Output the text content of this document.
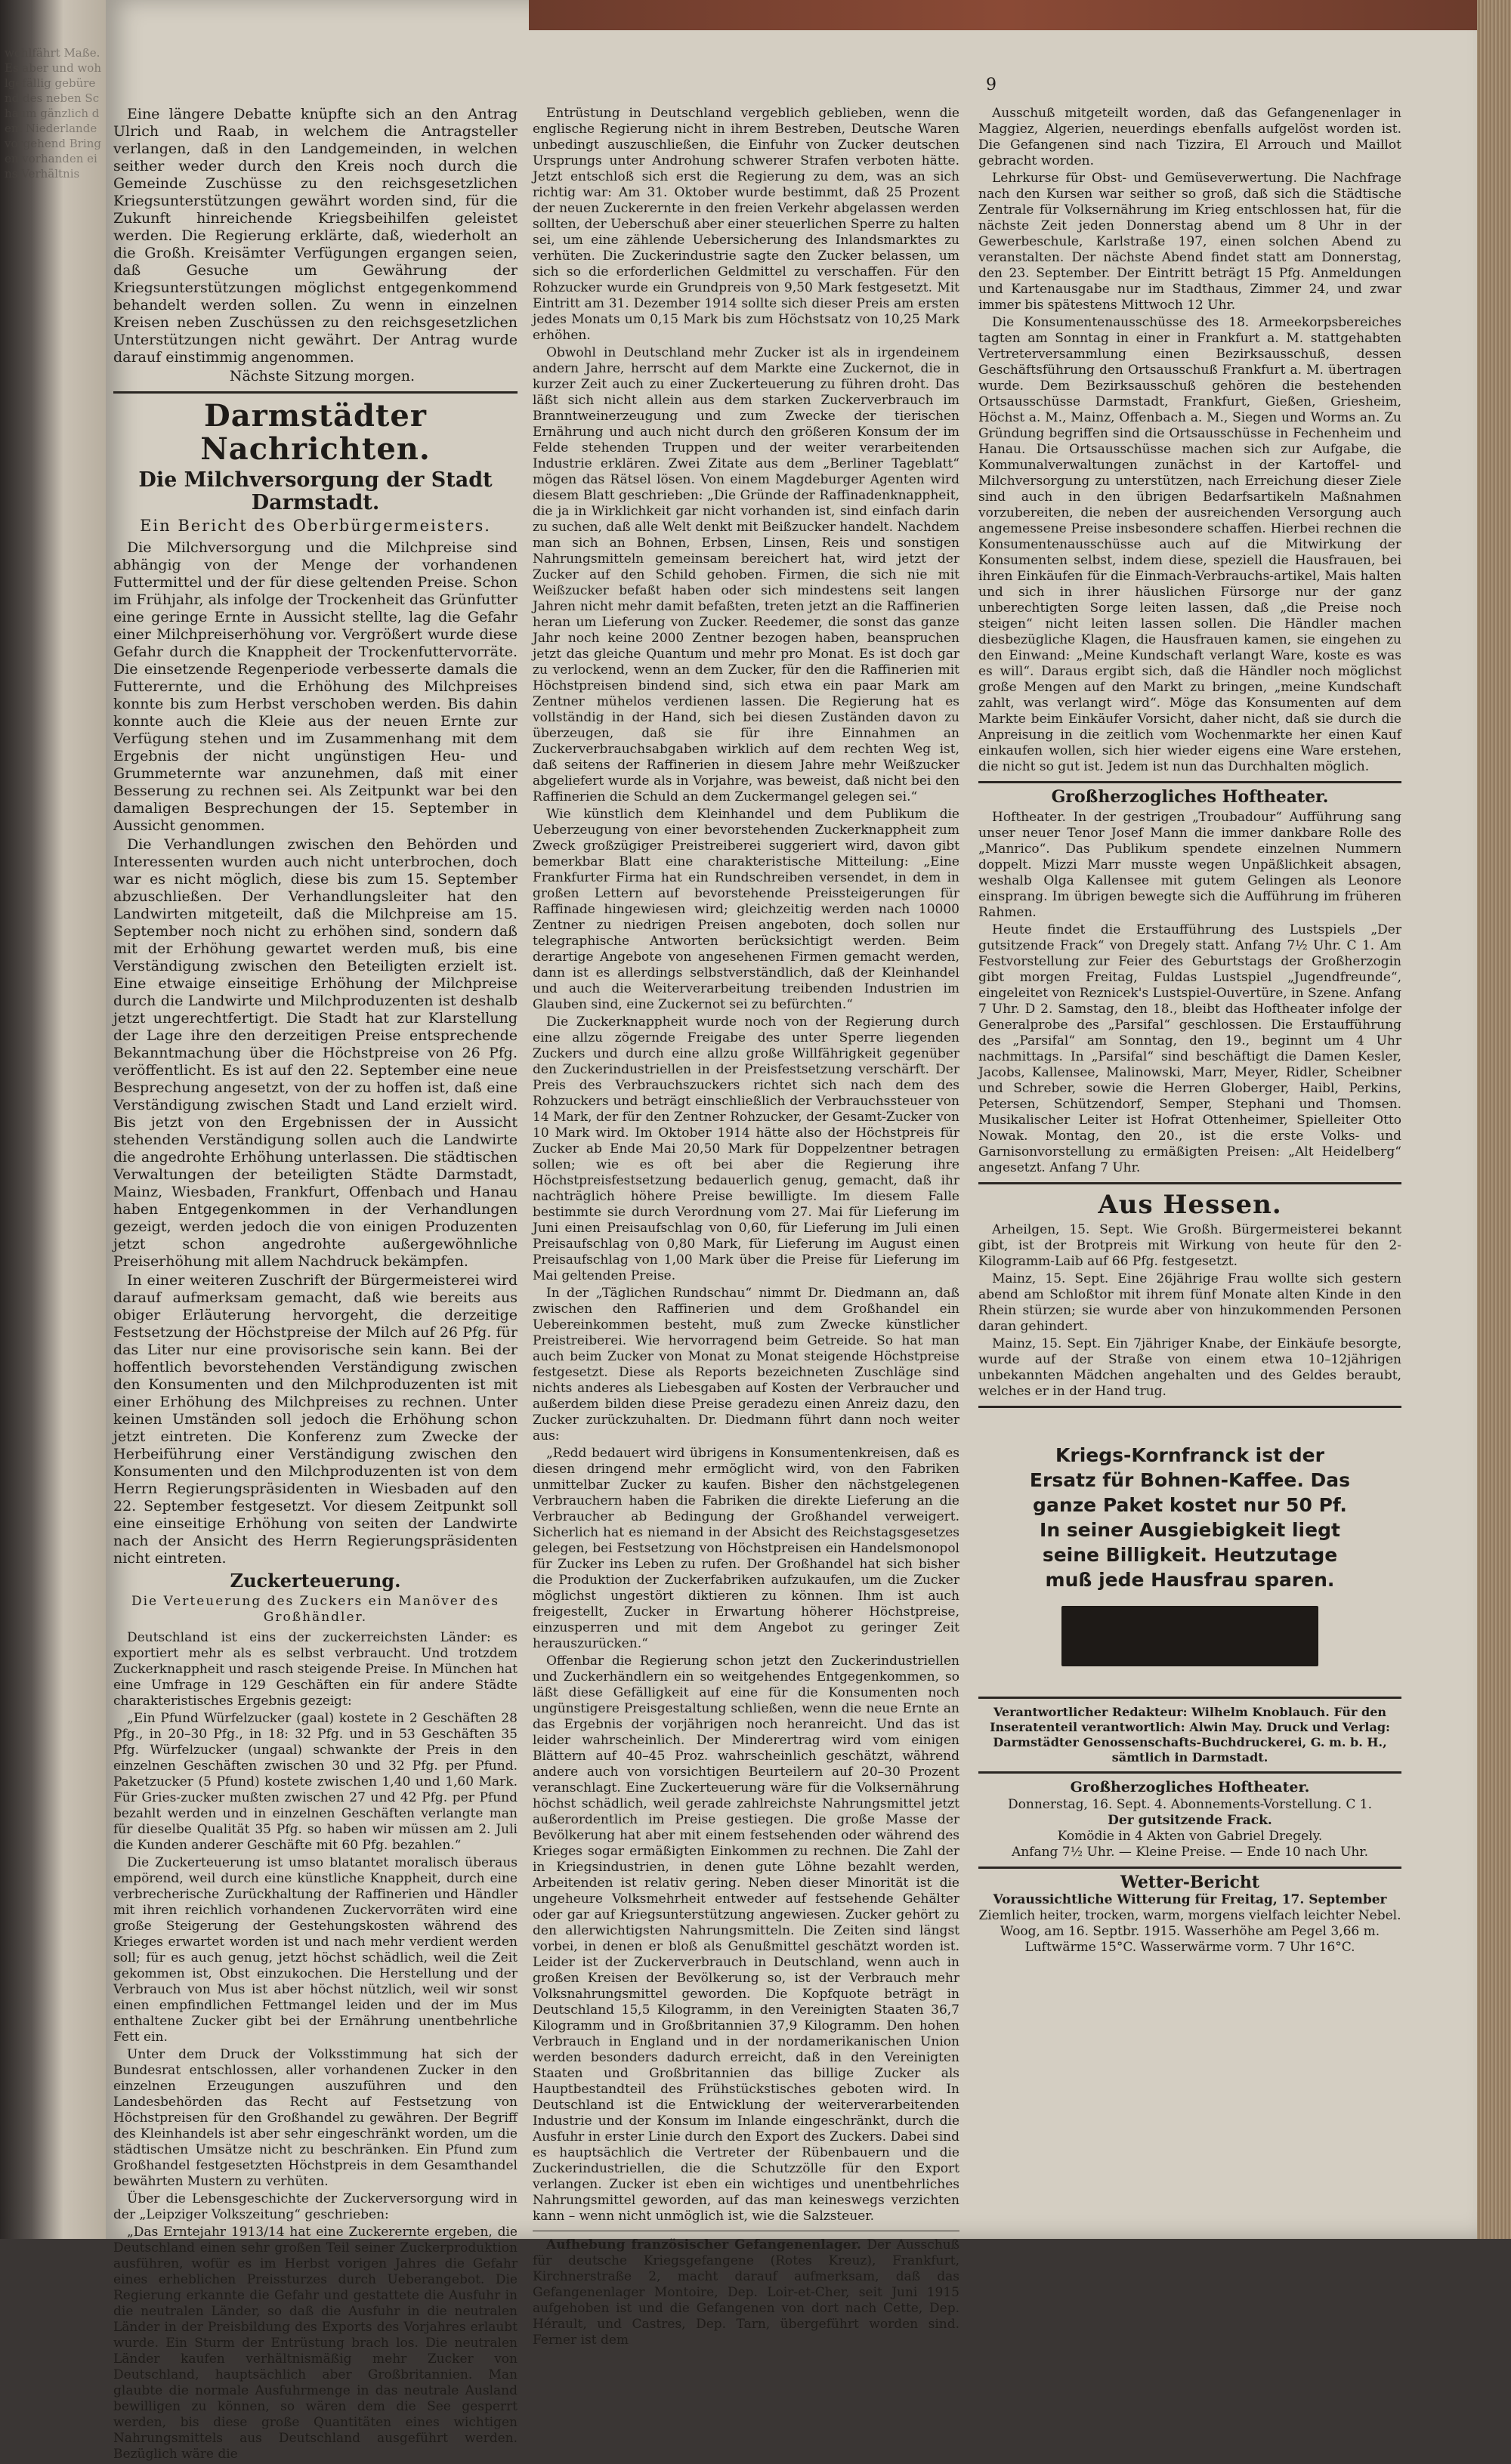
wohlfährt Maße. Es aber und wohlgefällig gebürend des neben Schaum gänzlich dem Niederlande vorgehend Bringen vorhanden eins Verhältnis
9

Eine längere Debatte knüpfte sich an den Antrag Ulrich und Raab, in welchem die Antragsteller verlangen, daß in den Landgemeinden, in welchen seither weder durch den Kreis noch durch die Gemeinde Zuschüsse zu den reichsgesetzlichen Kriegsunterstützungen gewährt worden sind, für die Zukunft hinreichende Kriegsbeihilfen geleistet werden. Die Regierung erklärte, daß, wiederholt an die Großh. Kreisämter Verfügungen ergangen seien, daß Gesuche um Gewährung der Kriegsunterstützungen möglichst entgegenkommend behandelt werden sollen. Zu wenn in einzelnen Kreisen neben Zuschüssen zu den reichsgesetzlichen Unterstützungen nicht gewährt. Der Antrag wurde darauf einstimmig angenommen.

Nächste Sitzung morgen.

Darmstädter Nachrichten.
Die Milchversorgung der Stadt Darmstadt.
Ein Bericht des Oberbürgermeisters.

Die Milchversorgung und die Milchpreise sind abhängig von der Menge der vorhandenen Futtermittel und der für diese geltenden Preise. Schon im Frühjahr, als infolge der Trockenheit das Grünfutter eine geringe Ernte in Aussicht stellte, lag die Gefahr einer Milchpreiserhöhung vor. Vergrößert wurde diese Gefahr durch die Knappheit der Trockenfuttervorräte. Die einsetzende Regenperiode verbesserte damals die Futterernte, und die Erhöhung des Milchpreises konnte bis zum Herbst verschoben werden. Bis dahin konnte auch die Kleie aus der neuen Ernte zur Verfügung stehen und im Zusammenhang mit dem Ergebnis der nicht ungünstigen Heu- und Grummeternte war anzunehmen, daß mit einer Besserung zu rechnen sei. Als Zeitpunkt war bei den damaligen Besprechungen der 15. September in Aussicht genommen.

Die Verhandlungen zwischen den Behörden und Interessenten wurden auch nicht unterbrochen, doch war es nicht möglich, diese bis zum 15. September abzuschließen. Der Verhandlungsleiter hat den Landwirten mitgeteilt, daß die Milchpreise am 15. September noch nicht zu erhöhen sind, sondern daß mit der Erhöhung gewartet werden muß, bis eine Verständigung zwischen den Beteiligten erzielt ist. Eine etwaige einseitige Erhöhung der Milchpreise durch die Landwirte und Milchproduzenten ist deshalb jetzt ungerechtfertigt. Die Stadt hat zur Klarstellung der Lage ihre den derzeitigen Preise entsprechende Bekanntmachung über die Höchstpreise von 26 Pfg. veröffentlicht. Es ist auf den 22. September eine neue Besprechung angesetzt, von der zu hoffen ist, daß eine Verständigung zwischen Stadt und Land erzielt wird. Bis jetzt von den Ergebnissen der in Aussicht stehenden Verständigung sollen auch die Landwirte die angedrohte Erhöhung unterlassen. Die städtischen Verwaltungen der beteiligten Städte Darmstadt, Mainz, Wiesbaden, Frankfurt, Offenbach und Hanau haben Entgegenkommen in der Verhandlungen gezeigt, werden jedoch die von einigen Produzenten jetzt schon angedrohte außergewöhnliche Preiserhöhung mit allem Nachdruck bekämpfen.

In einer weiteren Zuschrift der Bürgermeisterei wird darauf aufmerksam gemacht, daß wie bereits aus obiger Erläuterung hervorgeht, die derzeitige Festsetzung der Höchstpreise der Milch auf 26 Pfg. für das Liter nur eine provisorische sein kann. Bei der hoffentlich bevorstehenden Verständigung zwischen den Konsumenten und den Milchproduzenten ist mit einer Erhöhung des Milchpreises zu rechnen. Unter keinen Umständen soll jedoch die Erhöhung schon jetzt eintreten. Die Konferenz zum Zwecke der Herbeiführung einer Verständigung zwischen den Konsumenten und den Milchproduzenten ist von dem Herrn Regierungspräsidenten in Wiesbaden auf den 22. September festgesetzt. Vor diesem Zeitpunkt soll eine einseitige Erhöhung von seiten der Landwirte nach der Ansicht des Herrn Regierungspräsidenten nicht eintreten.

Zuckerteuerung.
Die Verteuerung des Zuckers ein Manöver des Großhändler.

Deutschland ist eins der zuckerreichsten Länder: es exportiert mehr als es selbst verbraucht. Und trotzdem Zuckerknappheit und rasch steigende Preise. In München hat eine Umfrage in 129 Geschäften ein für andere Städte charakteristisches Ergebnis gezeigt:

„Ein Pfund Würfelzucker (gaal) kostete in 2 Geschäften 28 Pfg., in 20–30 Pfg., in 18: 32 Pfg. und in 53 Geschäften 35 Pfg. Würfelzucker (ungaal) schwankte der Preis in den einzelnen Geschäften zwischen 30 und 32 Pfg. per Pfund. Paketzucker (5 Pfund) kostete zwischen 1,40 und 1,60 Mark. Für Gries-zucker mußten zwischen 27 und 42 Pfg. per Pfund bezahlt werden und in einzelnen Geschäften verlangte man für dieselbe Qualität 35 Pfg. so haben wir müssen am 2. Juli die Kunden anderer Geschäfte mit 60 Pfg. bezahlen.“

Die Zuckerteuerung ist umso blatantet moralisch überaus empörend, weil durch eine künstliche Knappheit, durch eine verbrecherische Zurückhaltung der Raffinerien und Händler mit ihren reichlich vorhandenen Zuckervorräten wird eine große Steigerung der Gestehungskosten während des Krieges erwartet worden ist und nach mehr verdient werden soll; für es auch genug, jetzt höchst schädlich, weil die Zeit gekommen ist, Obst einzukochen. Die Herstellung und der Verbrauch von Mus ist aber höchst nützlich, weil wir sonst einen empfindlichen Fettmangel leiden und der im Mus enthaltene Zucker gibt bei der Ernährung unentbehrliche Fett ein.

Unter dem Druck der Volksstimmung hat sich der Bundesrat entschlossen, aller vorhandenen Zucker in den einzelnen Erzeugungen auszuführen und den Landesbehörden das Recht auf Festsetzung von Höchstpreisen für den Großhandel zu gewähren. Der Begriff des Kleinhandels ist aber sehr eingeschränkt worden, um die städtischen Umsätze nicht zu beschränken. Ein Pfund zum Großhandel festgesetzten Höchstpreis in dem Gesamthandel bewährten Mustern zu verhüten.

Über die Lebensgeschichte der Zuckerversorgung wird in der „Leipziger Volkszeitung“ geschrieben:

„Das Erntejahr 1913/14 hat eine Zuckerernte ergeben, die Deutschland einen sehr großen Teil seiner Zuckerproduktion ausführen, wofür es im Herbst vorigen Jahres die Gefahr eines erheblichen Preissturzes durch Ueberangebot. Die Regierung erkannte die Gefahr und gestattete die Ausfuhr in die neutralen Länder, so daß die Ausfuhr in die neutralen Länder in der Preisbildung des Exports des Vorjahres erlaubt wurde. Ein Sturm der Entrüstung brach los. Die neutralen Länder kaufen verhältnismäßig mehr Zucker von Deutschland, hauptsächlich aber Großbritannien. Man glaubte die normale Ausfuhrmenge in das neutrale Ausland bewilligen zu können, so wären dem die See gesperrt werden, bis diese große Quantitäten eines wichtigen Nahrungsmittels aus Deutschland ausgeführt werden. Bezüglich wäre die

Entrüstung in Deutschland vergeblich geblieben, wenn die englische Regierung nicht in ihrem Bestreben, Deutsche Waren unbedingt auszuschließen, die Einfuhr von Zucker deutschen Ursprungs unter Androhung schwerer Strafen verboten hätte. Jetzt entschloß sich erst die Regierung zu dem, was an sich richtig war: Am 31. Oktober wurde bestimmt, daß 25 Prozent der neuen Zuckerernte in den freien Verkehr abgelassen werden sollten, der Ueberschuß aber einer steuerlichen Sperre zu halten sei, um eine zählende Uebersicherung des Inlandsmarktes zu verhüten. Die Zuckerindustrie sagte den Zucker belassen, um sich so die erforderlichen Geldmittel zu verschaffen. Für den Rohzucker wurde ein Grundpreis von 9,50 Mark festgesetzt. Mit Eintritt am 31. Dezember 1914 sollte sich dieser Preis am ersten jedes Monats um 0,15 Mark bis zum Höchstsatz von 10,25 Mark erhöhen.

Obwohl in Deutschland mehr Zucker ist als in irgendeinem andern Jahre, herrscht auf dem Markte eine Zuckernot, die in kurzer Zeit auch zu einer Zuckerteuerung zu führen droht. Das läßt sich nicht allein aus dem starken Zuckerverbrauch im Branntweinerzeugung und zum Zwecke der tierischen Ernährung und auch nicht durch den größeren Konsum der im Felde stehenden Truppen und der weiter verarbeitenden Industrie erklären. Zwei Zitate aus dem „Berliner Tageblatt“ mögen das Rätsel lösen. Von einem Magdeburger Agenten wird diesem Blatt geschrieben: „Die Gründe der Raffinadenknappheit, die ja in Wirklichkeit gar nicht vorhanden ist, sind einfach darin zu suchen, daß alle Welt denkt mit Beißzucker handelt. Nachdem man sich an Bohnen, Erbsen, Linsen, Reis und sonstigen Nahrungsmitteln gemeinsam bereichert hat, wird jetzt der Zucker auf den Schild gehoben. Firmen, die sich nie mit Weißzucker befaßt haben oder sich mindestens seit langen Jahren nicht mehr damit befaßten, treten jetzt an die Raffinerien heran um Lieferung von Zucker. Reedemer, die sonst das ganze Jahr noch keine 2000 Zentner bezogen haben, beanspruchen jetzt das gleiche Quantum und mehr pro Monat. Es ist doch gar zu verlockend, wenn an dem Zucker, für den die Raffinerien mit Höchstpreisen bindend sind, sich etwa ein paar Mark am Zentner mühelos verdienen lassen. Die Regierung hat es vollständig in der Hand, sich bei diesen Zuständen davon zu überzeugen, daß sie für ihre Einnahmen an Zuckerverbrauchsabgaben wirklich auf dem rechten Weg ist, daß seitens der Raffinerien in diesem Jahre mehr Weißzucker abgeliefert wurde als in Vorjahre, was beweist, daß nicht bei den Raffinerien die Schuld an dem Zuckermangel gelegen sei.“

Wie künstlich dem Kleinhandel und dem Publikum die Ueberzeugung von einer bevorstehenden Zuckerknappheit zum Zweck großzügiger Preistreiberei suggeriert wird, davon gibt bemerkbar Blatt eine charakteristische Mitteilung: „Eine Frankfurter Firma hat ein Rundschreiben versendet, in dem in großen Lettern auf bevorstehende Preissteigerungen für Raffinade hingewiesen wird; gleichzeitig werden nach 10000 Zentner zu niedrigen Preisen angeboten, doch sollen nur telegraphische Antworten berücksichtigt werden. Beim derartige Angebote von angesehenen Firmen gemacht werden, dann ist es allerdings selbstverständlich, daß der Kleinhandel und auch die Weiterverarbeitung treibenden Industrien im Glauben sind, eine Zuckernot sei zu befürchten.“

Die Zuckerknappheit wurde noch von der Regierung durch eine allzu zögernde Freigabe des unter Sperre liegenden Zuckers und durch eine allzu große Willfährigkeit gegenüber den Zuckerindustriellen in der Preisfestsetzung verschärft. Der Preis des Verbrauchszuckers richtet sich nach dem des Rohzuckers und beträgt einschließlich der Verbrauchssteuer von 14 Mark, der für den Zentner Rohzucker, der Gesamt-Zucker von 10 Mark wird. Im Oktober 1914 hätte also der Höchstpreis für Zucker ab Ende Mai 20,50 Mark für Doppelzentner betragen sollen; wie es oft bei aber die Regierung ihre Höchstpreisfestsetzung bedauerlich genug, gemacht, daß ihr nachträglich höhere Preise bewilligte. Im diesem Falle bestimmte sie durch Verordnung vom 27. Mai für Lieferung im Juni einen Preisaufschlag von 0,60, für Lieferung im Juli einen Preisaufschlag von 0,80 Mark, für Lieferung im August einen Preisaufschlag von 1,00 Mark über die Preise für Lieferung im Mai geltenden Preise.

In der „Täglichen Rundschau“ nimmt Dr. Diedmann an, daß zwischen den Raffinerien und dem Großhandel ein Uebereinkommen besteht, muß zum Zwecke künstlicher Preistreiberei. Wie hervorragend beim Getreide. So hat man auch beim Zucker von Monat zu Monat steigende Höchstpreise festgesetzt. Diese als Reports bezeichneten Zuschläge sind nichts anderes als Liebesgaben auf Kosten der Verbraucher und außerdem bilden diese Preise geradezu einen Anreiz dazu, den Zucker zurückzuhalten. Dr. Diedmann führt dann noch weiter aus:

„Redd bedauert wird übrigens in Konsumentenkreisen, daß es diesen dringend mehr ermöglicht wird, von den Fabriken unmittelbar Zucker zu kaufen. Bisher den nächstgelegenen Verbrauchern haben die Fabriken die direkte Lieferung an die Verbraucher ab Bedingung der Großhandel verweigert. Sicherlich hat es niemand in der Absicht des Reichstagsgesetzes gelegen, bei Festsetzung von Höchstpreisen ein Handelsmonopol für Zucker ins Leben zu rufen. Der Großhandel hat sich bisher die Produktion der Zuckerfabriken aufzukaufen, um die Zucker möglichst ungestört diktieren zu können. Ihm ist auch freigestellt, Zucker in Erwartung höherer Höchstpreise, einzusperren und mit dem Angebot zu geringer Zeit herauszurücken.“

Offenbar die Regierung schon jetzt den Zuckerindustriellen und Zuckerhändlern ein so weitgehendes Entgegenkommen, so läßt diese Gefälligkeit auf eine für die Konsumenten noch ungünstigere Preisgestaltung schließen, wenn die neue Ernte an das Ergebnis der vorjährigen noch heranreicht. Und das ist leider wahrscheinlich. Der Minderertrag wird vom einigen Blättern auf 40–45 Proz. wahrscheinlich geschätzt, während andere auch von vorsichtigen Beurteilern auf 20–30 Prozent veranschlagt. Eine Zuckerteuerung wäre für die Volksernährung höchst schädlich, weil gerade zahlreichste Nahrungsmittel jetzt außerordentlich im Preise gestiegen. Die große Masse der Bevölkerung hat aber mit einem festsehenden oder während des Krieges sogar ermäßigten Einkommen zu rechnen. Die Zahl der in Kriegsindustrien, in denen gute Löhne bezahlt werden, Arbeitenden ist relativ gering. Neben dieser Minorität ist die ungeheure Volksmehrheit entweder auf festsehende Gehälter oder gar auf Kriegsunterstützung angewiesen. Zucker gehört zu den allerwichtigsten Nahrungsmitteln. Die Zeiten sind längst vorbei, in denen er bloß als Genußmittel geschätzt worden ist. Leider ist der Zuckerverbrauch in Deutschland, wenn auch in großen Kreisen der Bevölkerung so, ist der Verbrauch mehr Volksnahrungsmittel geworden. Die Kopfquote beträgt in Deutschland 15,5 Kilogramm, in den Vereinigten Staaten 36,7 Kilogramm und in Großbritannien 37,9 Kilogramm. Den hohen Verbrauch in England und in der nordamerikanischen Union werden besonders dadurch erreicht, daß in den Vereinigten Staaten und Großbritannien das billige Zucker als Hauptbestandteil des Frühstückstisches geboten wird. In Deutschland ist die Entwicklung der weiterverarbeitenden Industrie und der Konsum im Inlande eingeschränkt, durch die Ausfuhr in erster Linie durch den Export des Zuckers. Dabei sind es hauptsächlich die Vertreter der Rübenbauern und die Zuckerindustriellen, die die Schutzzölle für den Export verlangen. Zucker ist eben ein wichtiges und unentbehrliches Nahrungsmittel geworden, auf das man keineswegs verzichten kann – wenn nicht unmöglich ist, wie die Salzsteuer.

Aufhebung französischer Gefangenenlager. Der Ausschuß für deutsche Kriegsgefangene (Rotes Kreuz), Frankfurt, Kirchnerstraße 2, macht darauf aufmerksam, daß das Gefangenenlager Montoire, Dep. Loir-et-Cher, seit Juni 1915 aufgehoben ist und die Gefangenen von dort nach Cette, Dep. Hérault, und Castres, Dep. Tarn, übergeführt worden sind. Ferner ist dem

Ausschuß mitgeteilt worden, daß das Gefangenenlager in Maggiez, Algerien, neuerdings ebenfalls aufgelöst worden ist. Die Gefangenen sind nach Tizzira, El Arrouch und Maillot gebracht worden.

Lehrkurse für Obst- und Gemüseverwertung. Die Nachfrage nach den Kursen war seither so groß, daß sich die Städtische Zentrale für Volksernährung im Krieg entschlossen hat, für die nächste Zeit jeden Donnerstag abend um 8 Uhr in der Gewerbeschule, Karlstraße 197, einen solchen Abend zu veranstalten. Der nächste Abend findet statt am Donnerstag, den 23. September. Der Eintritt beträgt 15 Pfg. Anmeldungen und Kartenausgabe nur im Stadthaus, Zimmer 24, und zwar immer bis spätestens Mittwoch 12 Uhr.

Die Konsumentenausschüsse des 18. Armeekorpsbereiches tagten am Sonntag in einer in Frankfurt a. M. stattgehabten Vertreterversammlung einen Bezirksausschuß, dessen Geschäftsführung den Ortsausschuß Frankfurt a. M. übertragen wurde. Dem Bezirksausschuß gehören die bestehenden Ortsausschüsse Darmstadt, Frankfurt, Gießen, Griesheim, Höchst a. M., Mainz, Offenbach a. M., Siegen und Worms an. Zu Gründung begriffen sind die Ortsausschüsse in Fechenheim und Hanau. Die Ortsausschüsse machen sich zur Aufgabe, die Kommunalverwaltungen zunächst in der Kartoffel- und Milchversorgung zu unterstützen, nach Erreichung dieser Ziele sind auch in den übrigen Bedarfsartikeln Maßnahmen vorzubereiten, die neben der ausreichenden Versorgung auch angemessene Preise insbesondere schaffen. Hierbei rechnen die Konsumentenausschüsse auch auf die Mitwirkung der Konsumenten selbst, indem diese, speziell die Hausfrauen, bei ihren Einkäufen für die Einmach-Verbrauchs-artikel, Mais halten und sich in ihrer häuslichen Fürsorge nur der ganz unberechtigten Sorge leiten lassen, daß „die Preise noch steigen“ nicht leiten lassen sollen. Die Händler machen diesbezügliche Klagen, die Hausfrauen kamen, sie eingehen zu den Einwand: „Meine Kundschaft verlangt Ware, koste es was es will“. Daraus ergibt sich, daß die Händler noch möglichst große Mengen auf den Markt zu bringen, „meine Kundschaft zahlt, was verlangt wird“. Möge das Konsumenten auf dem Markte beim Einkäufer Vorsicht, daher nicht, daß sie durch die Anpreisung in die zeitlich vom Wochenmarkte her einen Kauf einkaufen wollen, sich hier wieder eigens eine Ware erstehen, die nicht so gut ist. Jedem ist nun das Durchhalten möglich.

Großherzogliches Hoftheater.

Hoftheater. In der gestrigen „Troubadour“ Aufführung sang unser neuer Tenor Josef Mann die immer dankbare Rolle des „Manrico“. Das Publikum spendete einzelnen Nummern doppelt. Mizzi Marr musste wegen Unpäßlichkeit absagen, weshalb Olga Kallensee mit gutem Gelingen als Leonore einsprang. Im übrigen bewegte sich die Aufführung im früheren Rahmen.

Heute findet die Erstaufführung des Lustspiels „Der gutsitzende Frack“ von Dregely statt. Anfang 7½ Uhr. C 1. Am Festvorstellung zur Feier des Geburtstags der Großherzogin gibt morgen Freitag, Fuldas Lustspiel „Jugendfreunde“, eingeleitet von Reznicek's Lustspiel-Ouvertüre, in Szene. Anfang 7 Uhr. D 2. Samstag, den 18., bleibt das Hoftheater infolge der Generalprobe des „Parsifal“ geschlossen. Die Erstaufführung des „Parsifal“ am Sonntag, den 19., beginnt um 4 Uhr nachmittags. In „Parsifal“ sind beschäftigt die Damen Kesler, Jacobs, Kallensee, Malinowski, Marr, Meyer, Ridler, Scheibner und Schreber, sowie die Herren Globerger, Haibl, Perkins, Petersen, Schützendorf, Semper, Stephani und Thomsen. Musikalischer Leiter ist Hofrat Ottenheimer, Spielleiter Otto Nowak. Montag, den 20., ist die erste Volks- und Garnisonvorstellung zu ermäßigten Preisen: „Alt Heidelberg“ angesetzt. Anfang 7 Uhr.

Aus Hessen.

Arheilgen, 15. Sept. Wie Großh. Bürgermeisterei bekannt gibt, ist der Brotpreis mit Wirkung von heute für den 2-Kilogramm-Laib auf 66 Pfg. festgesetzt.

Mainz, 15. Sept. Eine 26jährige Frau wollte sich gestern abend am Schloßtor mit ihrem fünf Monate alten Kinde in den Rhein stürzen; sie wurde aber von hinzukommenden Personen daran gehindert.

Mainz, 15. Sept. Ein 7jähriger Knabe, der Einkäufe besorgte, wurde auf der Straße von einem etwa 10–12jährigen unbekannten Mädchen angehalten und des Geldes beraubt, welches er in der Hand trug.

Kriegs-Kornfranck ist der Ersatz für Bohnen-Kaffee. Das ganze Paket kostet nur 50 Pf. In seiner Ausgiebigkeit liegt seine Billigkeit. Heutzutage muß jede Hausfrau sparen.
Verantwortlicher Redakteur: Wilhelm Knoblauch. Für den Inseratenteil verantwortlich: Alwin May. Druck und Verlag: Darmstädter Genossenschafts-Buchdruckerei, G. m. b. H., sämtlich in Darmstadt.
Großherzogliches Hoftheater.
Donnerstag, 16. Sept. 4. Abonnements-Vorstellung. C 1.
Der gutsitzende Frack.
Komödie in 4 Akten von Gabriel Dregely.
Anfang 7½ Uhr. — Kleine Preise. — Ende 10 nach Uhr.
Wetter-Bericht
Voraussichtliche Witterung für Freitag, 17. September
Ziemlich heiter, trocken, warm, morgens vielfach leichter Nebel.
Woog, am 16. Septbr. 1915. Wasserhöhe am Pegel 3,66 m. Luftwärme 15°C. Wasserwärme vorm. 7 Uhr 16°C.
